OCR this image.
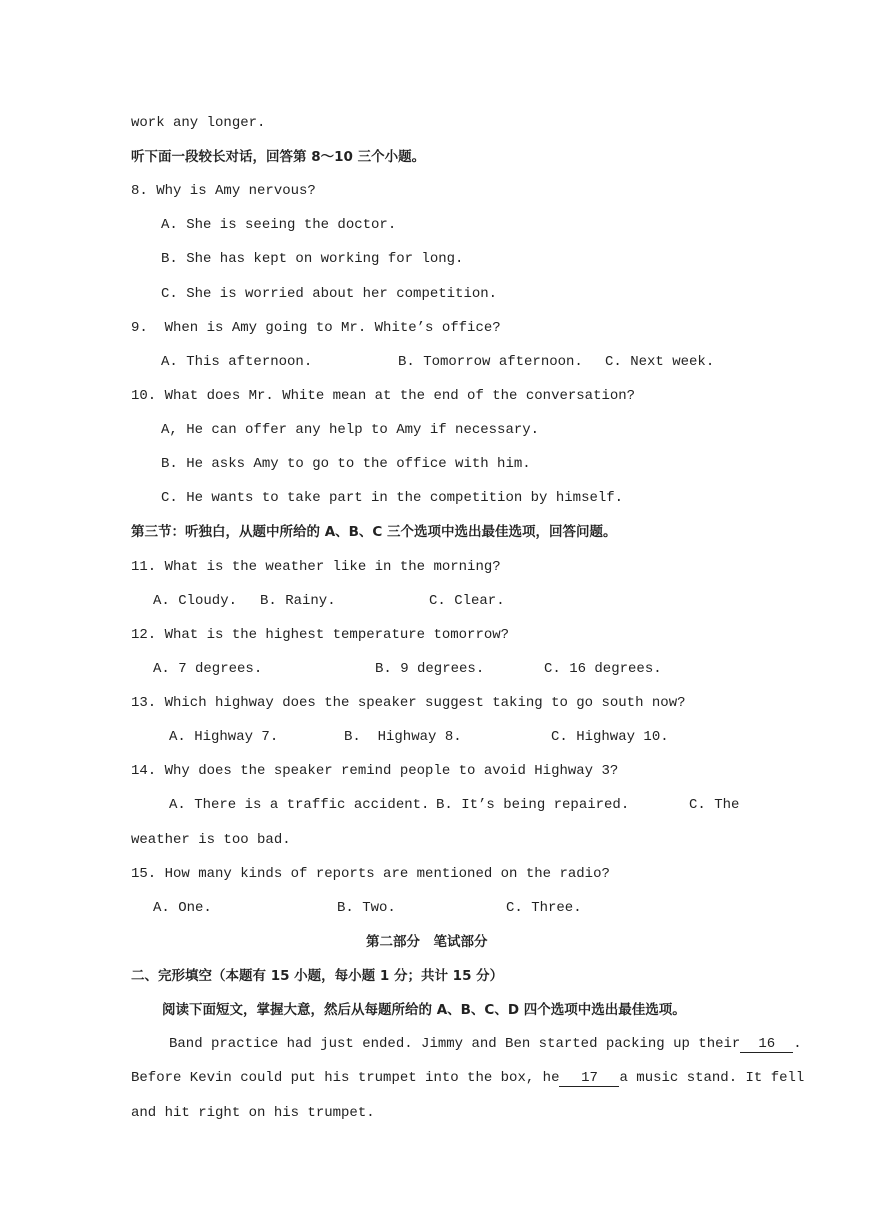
work any longer.
听下面一段较长对话，回答第 8～10 三个小题。
8. Why is Amy nervous?
A. She is seeing the doctor.
B. She has kept on working for long.
C. She is worried about her competition.
9.  When is Amy going to Mr. White’s office?
A. This afternoon.	B. Tomorrow afternoon. C. Next week.
10. What does Mr. White mean at the end of the conversation?
A, He can offer any help to Amy if necessary.
B. He asks Amy to go to the office with him.
C. He wants to take part in the competition by himself.
第三节：听独白，从题中所给的 A、B、C 三个选项中选出最佳选项，回答问题。
11. What is the weather like in the morning?
A. Cloudy. B. Rainy.	C. Clear.
12. What is the highest temperature tomorrow?
A. 7 degrees.	B. 9 degrees.	C. 16 degrees.
13. Which highway does the speaker suggest taking to go south now?
A. Highway 7.	B.  Highway 8.	C. Highway 10.
14. Why does the speaker remind people to avoid Highway 3?
A. There is a traffic accident. B. It’s being repaired.	C. The
weather is too bad.
15. How many kinds of reports are mentioned on the radio?
A. One.	B. Two.	C. Three.
第二部分　笔试部分
二、完形填空（本题有 15 小题，每小题 1 分；共计 15 分）
阅读下面短文，掌握大意，然后从每题所给的 A、B、C、D 四个选项中选出最佳选项。
Band practice had just ended. Jimmy and Ben started packing up their 16 .
Before Kevin could put his trumpet into the box, he 17 a music stand. It fell
and hit right on his trumpet.
